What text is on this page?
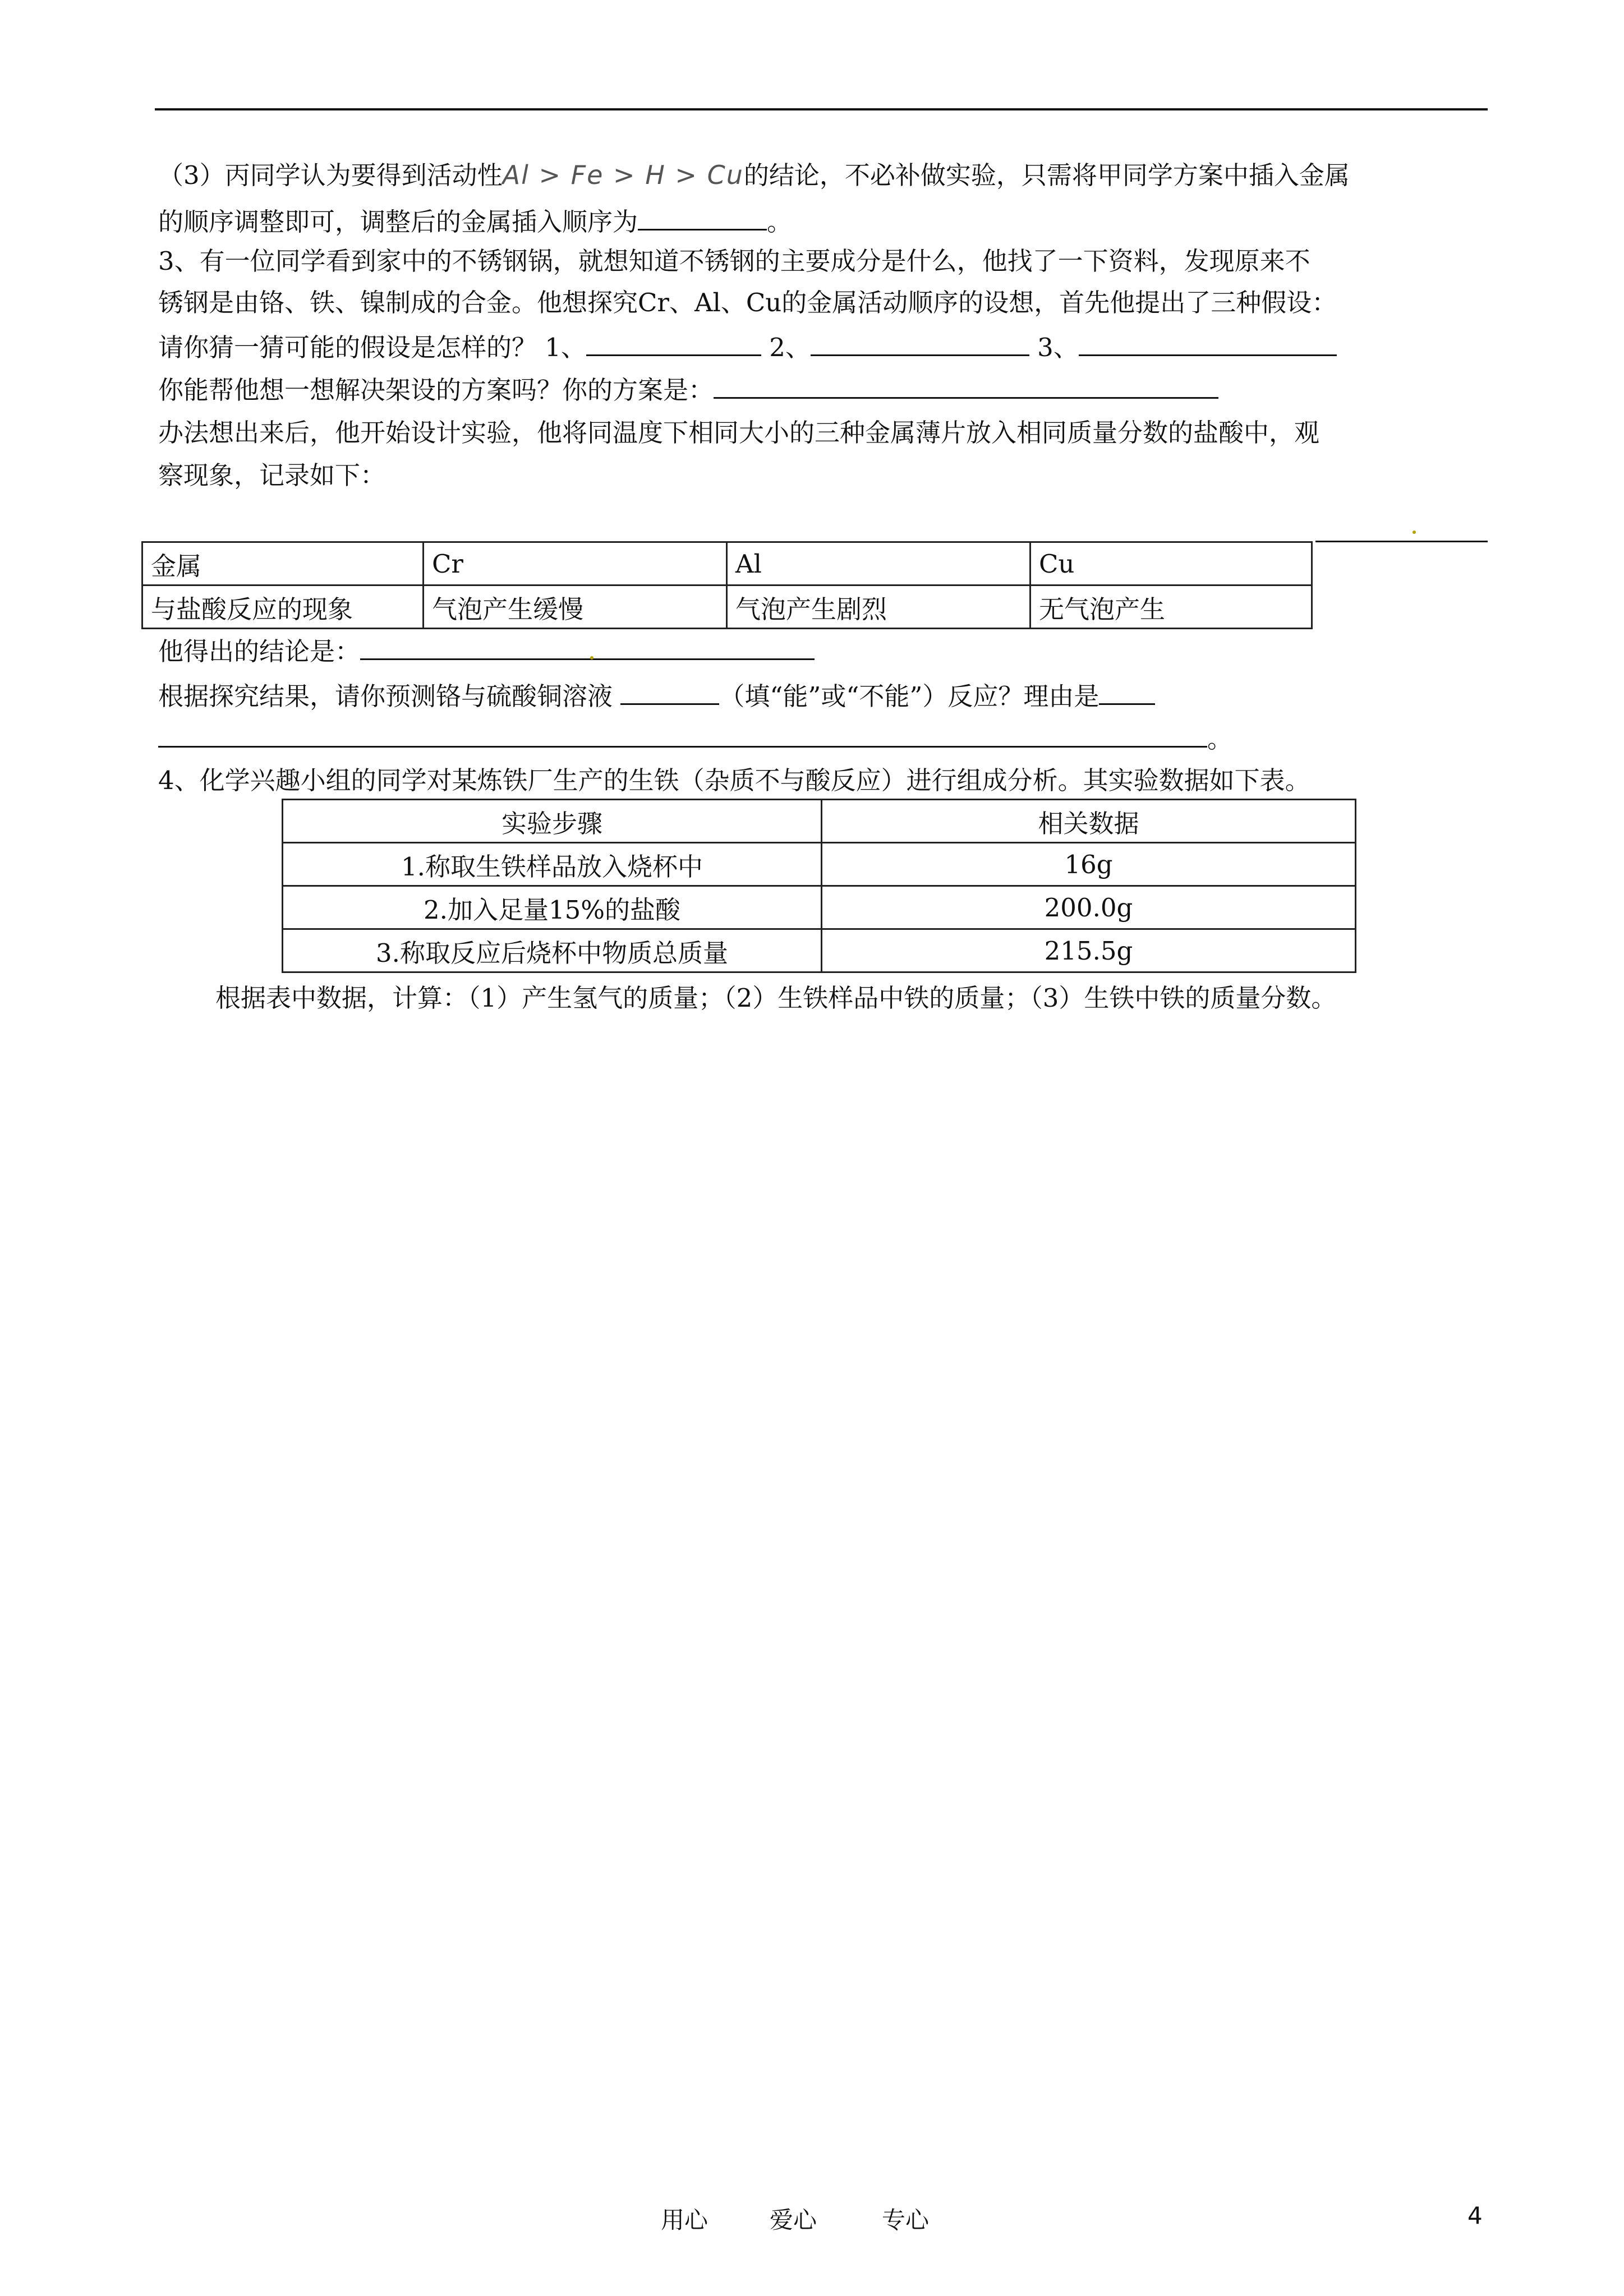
（3）丙同学认为要得到活动性Al > Fe > H > Cu的结论，不必补做实验，只需将甲同学方案中插入金属
的顺序调整即可，调整后的金属插入顺序为	。
3、有一位同学看到家中的不锈钢锅，就想知道不锈钢的主要成分是什么，他找了一下资料，发现原来不
锈钢是由铬、铁、镍制成的合金。他想探究Cr、Al、Cu的金属活动顺序的设想，首先他提出了三种假设：
请你猜一猜可能的假设是怎样的？ 1、	2、	3、
你能帮他想一想解决架设的方案吗？你的方案是：
办法想出来后，他开始设计实验，他将同温度下相同大小的三种金属薄片放入相同质量分数的盐酸中，观
察现象，记录如下：
金属	Cr	Al	Cu
与盐酸反应的现象	气泡产生缓慢	气泡产生剧烈	无气泡产生
他得出的结论是：
根据探究结果，请你预测铬与硫酸铜溶液	（填“能”或“不能”）反应？理由是
。
4、化学兴趣小组的同学对某炼铁厂生产的生铁（杂质不与酸反应）进行组成分析。其实验数据如下表。
实验步骤	相关数据
1.称取生铁样品放入烧杯中	16g
2.加入足量15%的盐酸	200.0g
3.称取反应后烧杯中物质总质量	215.5g
根据表中数据，计算：（1）产生氢气的质量；（2）生铁样品中铁的质量；（3）生铁中铁的质量分数。
用心	爱心	专心	4
